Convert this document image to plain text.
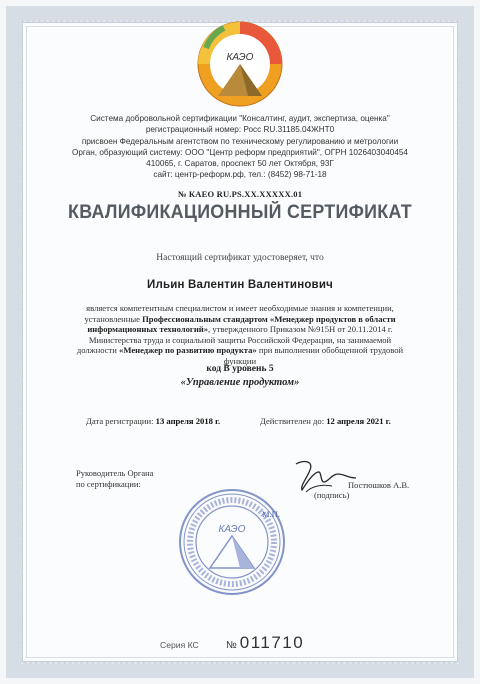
КАЭО
Система добровольной сертификации "Консалтинг, аудит, экспертиза, оценка"
регистрационный номер: Росс RU.31185.04ЖНТ0
присвоен Федеральным агентством по техническому регулированию и метрологии
Орган, образующий систему: ООО "Центр реформ предприятий", ОГРН 1026403040454
410065, г. Саратов, проспект 50 лет Октября, 93Г
сайт: центр-реформ.рф, тел.: (8452) 98-71-18
№ КАЕО RU.PS.XX.XXXXX.01
КВАЛИФИКАЦИОННЫЙ СЕРТИФИКАТ
Настоящий сертификат удостоверяет, что
Ильин Валентин Валентинович
является компетентным специалистом и имеет необходимые знания и компетенции, установленные Профессиональным стандартом «Менеджер продуктов в области информационных технологий», утвержденного Приказом №915Н от 20.11.2014 г. Министерства труда и социальной защиты Российской Федерации, на занимаемой должности «Менеджер по развитию продукта» при выполнении обобщенной трудовой функции
код В уровень 5
«Управление продуктом»
Дата регистрации: 13 апреля 2018 г.	Действителен до: 12 апреля 2021 г.
Руководитель Органа
по сертификации:
КАЭО
М.П.
Постюшков А.В.
(подпись)
Серия КС	№ 011710
